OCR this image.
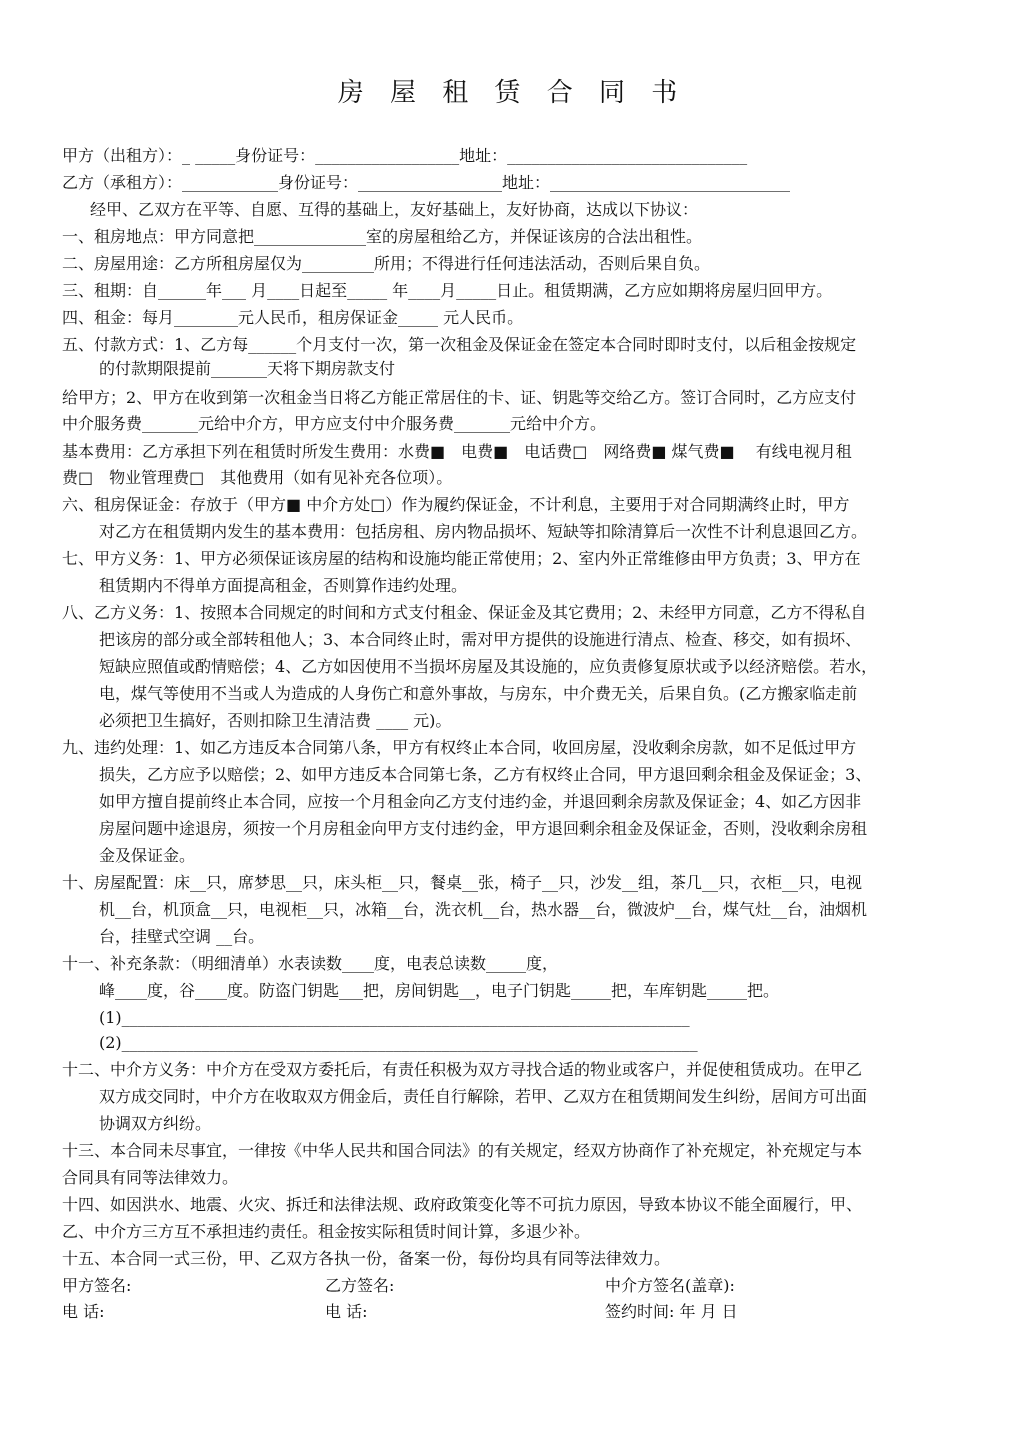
房 屋 租 赁 合 同 书
甲方（出租方）：_ _____身份证号：__________________地址：______________________________
乙方（承租方）：____________身份证号：__________________地址：______________________________
经甲、乙双方在平等、自愿、互得的基础上，友好基础上，友好协商，达成以下协议：
一、租房地点：甲方同意把______________室的房屋租给乙方，并保证该房的合法出租性。
二、房屋用途：乙方所租房屋仅为_________所用；不得进行任何违法活动，否则后果自负。
三、租期：自______年___ 月____日起至_____ 年____月_____日止。租赁期满，乙方应如期将房屋归回甲方。
四、租金：每月________元人民币，租房保证金_____ 元人民币。
五、付款方式：1、乙方每______个月支付一次，第一次租金及保证金在签定本合同时即时支付，以后租金按规定
的付款期限提前_______天将下期房款支付
给甲方；2、甲方在收到第一次租金当日将乙方能正常居住的卡、证、钥匙等交给乙方。签订合同时，乙方应支付
中介服务费_______元给中介方，甲方应支付中介服务费_______元给中介方。
基本费用：乙方承担下列在租赁时所发生费用：水费■　电费■　电话费□　网络费■ 煤气费■　 有线电视月租
费□　物业管理费□　其他费用（如有见补充各位项）。
六、租房保证金：存放于（甲方■ 中介方处□）作为履约保证金，不计利息，主要用于对合同期满终止时，甲方
对乙方在租赁期内发生的基本费用：包括房租、房内物品损坏、短缺等扣除清算后一次性不计利息退回乙方。
七、甲方义务：1、甲方必须保证该房屋的结构和设施均能正常使用；2、室内外正常维修由甲方负责；3、甲方在
租赁期内不得单方面提高租金，否则算作违约处理。
八、乙方义务：1、按照本合同规定的时间和方式支付租金、保证金及其它费用；2、未经甲方同意，乙方不得私自
把该房的部分或全部转租他人；3、本合同终止时，需对甲方提供的设施进行清点、检查、移交，如有损坏、
短缺应照值或酌情赔偿；4、乙方如因使用不当损坏房屋及其设施的，应负责修复原状或予以经济赔偿。若水，
电，煤气等使用不当或人为造成的人身伤亡和意外事故，与房东，中介费无关，后果自负。(乙方搬家临走前
必须把卫生搞好，否则扣除卫生清洁费 ____ 元)。
九、违约处理：1、如乙方违反本合同第八条，甲方有权终止本合同，收回房屋，没收剩余房款，如不足低过甲方
损失，乙方应予以赔偿；2、如甲方违反本合同第七条，乙方有权终止合同，甲方退回剩余租金及保证金；3、
如甲方擅自提前终止本合同，应按一个月租金向乙方支付违约金，并退回剩余房款及保证金；4、如乙方因非
房屋问题中途退房，须按一个月房租金向甲方支付违约金，甲方退回剩余租金及保证金，否则，没收剩余房租
金及保证金。
十、房屋配置：床__只，席梦思__只，床头柜__只，餐桌__张，椅子__只，沙发__组，茶几__只，衣柜__只，电视
机__台，机顶盒__只，电视柜__只，冰箱__台，洗衣机__台，热水器__台，微波炉__台，煤气灶__台，油烟机
台，挂壁式空调 __台。
十一、补充条款：（明细清单）水表读数____度，电表总读数_____度，
峰____度，谷____度。防盗门钥匙___把，房间钥匙__，电子门钥匙_____把，车库钥匙_____把。
(1)_______________________________________________________________________
(2)________________________________________________________________________
十二、中介方义务：中介方在受双方委托后，有责任积极为双方寻找合适的物业或客户，并促使租赁成功。在甲乙
双方成交同时，中介方在收取双方佣金后，责任自行解除，若甲、乙双方在租赁期间发生纠纷，居间方可出面
协调双方纠纷。
十三、本合同未尽事宜，一律按《中华人民共和国合同法》的有关规定，经双方协商作了补充规定，补充规定与本
合同具有同等法律效力。
十四、如因洪水、地震、火灾、拆迁和法律法规、政府政策变化等不可抗力原因，导致本协议不能全面履行，甲、
乙、中介方三方互不承担违约责任。租金按实际租赁时间计算，多退少补。
十五、本合同一式三份，甲、乙双方各执一份，备案一份，每份均具有同等法律效力。
甲方签名:	乙方签名:	中介方签名(盖章):
电 话:	电 话:	签约时间: 年 月 日
